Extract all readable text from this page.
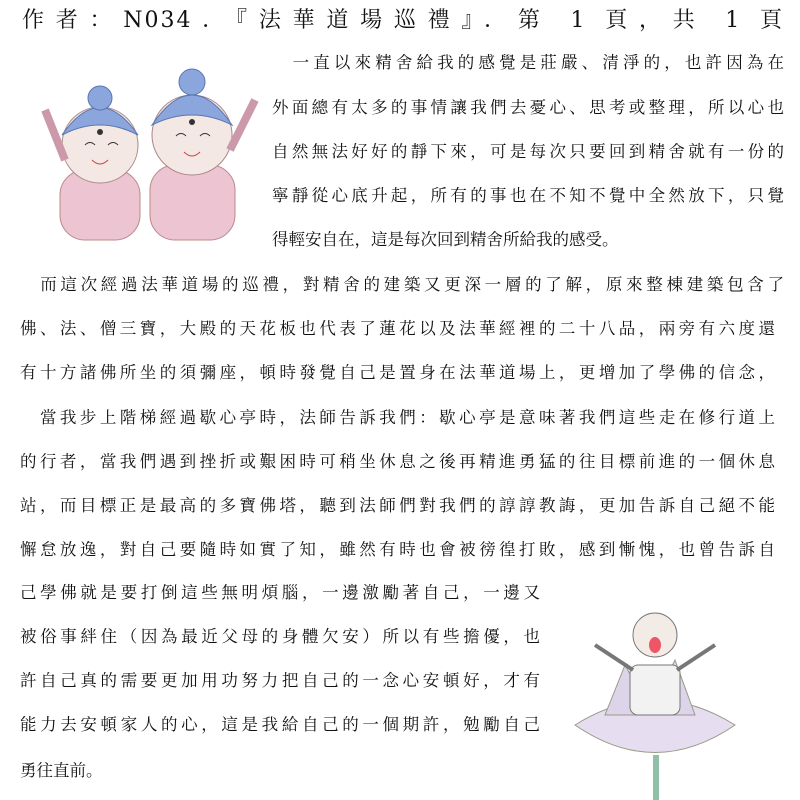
作者：N034．『法華道場巡禮』．第 1 頁，共 1 頁
　一直以來精舍給我的感覺是莊嚴、清淨的，也許因為在
外面總有太多的事情讓我們去憂心、思考或整理，所以心也
自然無法好好的靜下來，可是每次只要回到精舍就有一份的
寧靜從心底升起，所有的事也在不知不覺中全然放下，只覺
得輕安自在，這是每次回到精舍所給我的感受。
　而這次經過法華道場的巡禮，對精舍的建築又更深一層的了解，原來整棟建築包含了
佛、法、僧三寶，大殿的天花板也代表了蓮花以及法華經裡的二十八品，兩旁有六度還
有十方諸佛所坐的須彌座，頓時發覺自己是置身在法華道場上，更增加了學佛的信念，
　當我步上階梯經過歇心亭時，法師告訴我們：歇心亭是意味著我們這些走在修行道上
的行者，當我們遇到挫折或艱困時可稍坐休息之後再精進勇猛的往目標前進的一個休息
站，而目標正是最高的多寶佛塔，聽到法師們對我們的諄諄教誨，更加告訴自己絕不能
懈怠放逸，對自己要隨時如實了知，雖然有時也會被徬徨打敗，感到慚愧，也曾告訴自
己學佛就是要打倒這些無明煩腦，一邊激勵著自己，一邊又
被俗事絆住（因為最近父母的身體欠安）所以有些擔優，也
許自己真的需要更加用功努力把自己的一念心安頓好，才有
能力去安頓家人的心，這是我給自己的一個期許，勉勵自己
勇往直前。
